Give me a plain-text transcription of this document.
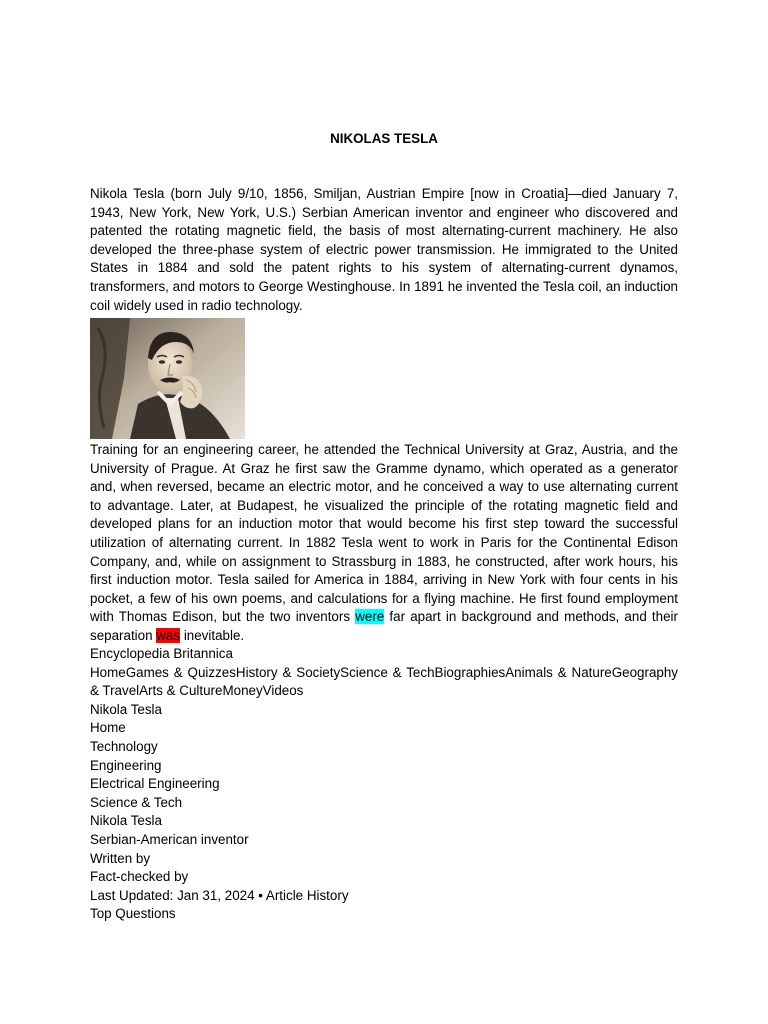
NIKOLAS TESLA

Nikola Tesla (born July 9/10, 1856, Smiljan, Austrian Empire [now in Croatia]—died January 7, 1943, New York, New York, U.S.) Serbian American inventor and engineer who discovered and patented the rotating magnetic field, the basis of most alternating-current machinery. He also developed the three-phase system of electric power transmission. He immigrated to the United States in 1884 and sold the patent rights to his system of alternating-current dynamos, transformers, and motors to George Westinghouse. In 1891 he invented the Tesla coil, an induction coil widely used in radio technology.

Training for an engineering career, he attended the Technical University at Graz, Austria, and the University of Prague. At Graz he first saw the Gramme dynamo, which operated as a generator and, when reversed, became an electric motor, and he conceived a way to use alternating current to advantage. Later, at Budapest, he visualized the principle of the rotating magnetic field and developed plans for an induction motor that would become his first step toward the successful utilization of alternating current. In 1882 Tesla went to work in Paris for the Continental Edison Company, and, while on assignment to Strassburg in 1883, he constructed, after work hours, his first induction motor. Tesla sailed for America in 1884, arriving in New York with four cents in his pocket, a few of his own poems, and calculations for a flying machine. He first found employment with Thomas Edison, but the two inventors were far apart in background and methods, and their separation was inevitable.

Encyclopedia Britannica

HomeGames & QuizzesHistory & SocietyScience & TechBiographiesAnimals & NatureGeography & TravelArts & CultureMoneyVideos

Nikola Tesla

Home

Technology

Engineering

Electrical Engineering

Science & Tech

Nikola Tesla

Serbian-American inventor

Written by

Fact-checked by

Last Updated: Jan 31, 2024 • Article History

Top Questions
